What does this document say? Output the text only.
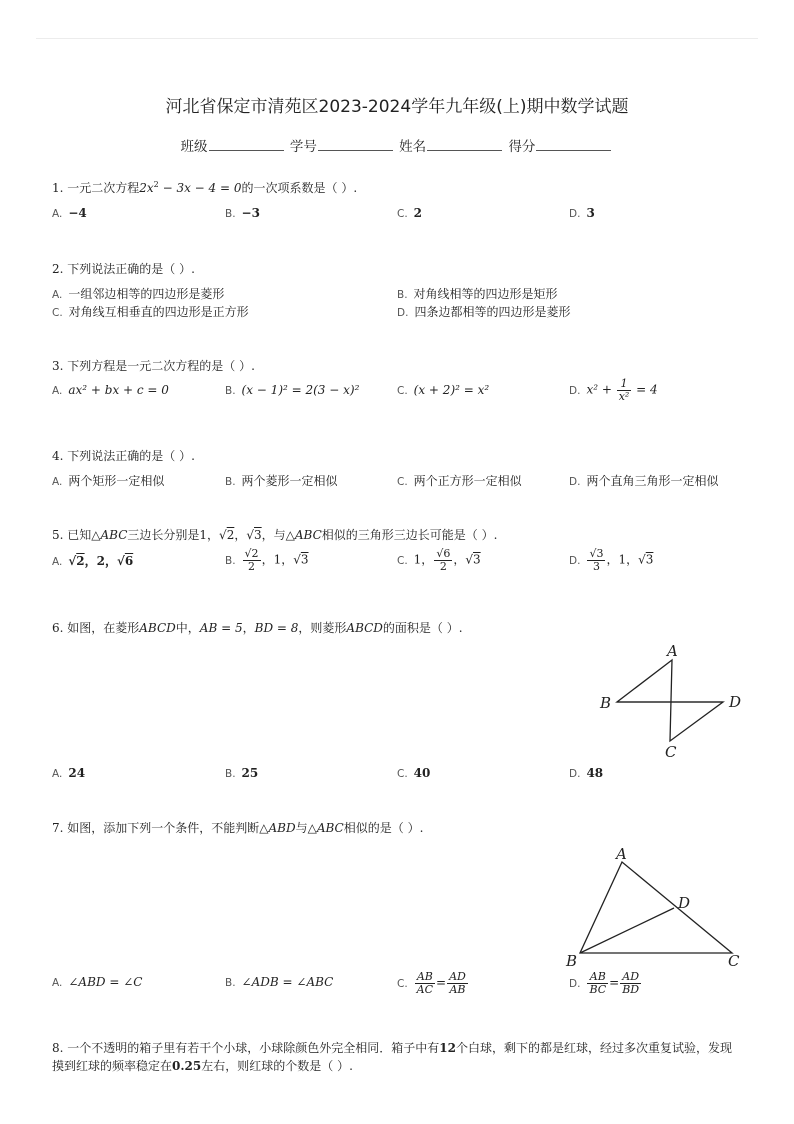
河北省保定市清苑区2023-2024学年九年级(上)期中数学试题
班级	学号	姓名	得分
1. 一元二次方程$2x^2 - 3x - 4 = 0$的一次项系数是（ ）.
A. −4	B. −3	C. 2	D. 3
2. 下列说法正确的是（ ）.
A. 一组邻边相等的四边形是菱形	B. 对角线相等的四边形是矩形
C. 对角线互相垂直的四边形是正方形	D. 四条边都相等的四边形是菱形
3. 下列方程是一元二次方程的是（ ）.
A. ax² + bx + c = 0	B. (x − 1)² = 2(3 − x)²	C. (x + 2)² = x²	D. $x^2 + \frac{1}{\text{x²}} = 4$
4. 下列说法正确的是（ ）.
A. 两个矩形一定相似	B. 两个菱形一定相似	C. 两个正方形一定相似	D. 两个直角三角形一定相似
5. 已知△ABC三边长分别是1，√2，√3，与△ABC相似的三角形三边长可能是（ ）.
A. √2，2，√6	B. $\frac{√2}{2}$ ，1，√3	C. 1， $\frac{√6}{2}$ ，√3	D. $\frac{√3}{3}$ ，1，√3
6. 如图，在菱形ABCD中，AB = 5，BD = 8，则菱形ABCD的面积是（ ）.
A
B	D
C
A. 24	B. 25	C. 40	D. 48
7. 如图，添加下列一个条件，不能判断△ABD与△ABC相似的是（ ）.
A
D
B	C
A. ∠ABD = ∠C	B. ∠ADB = ∠ABC	C. $\frac{AB}{AC} = \frac{AD}{AB}$	D. $\frac{AB}{BC} = \frac{AD}{BD}$
8. 一个不透明的箱子里有若干个小球，小球除颜色外完全相同．箱子中有12个白球，剩下的都是红球，经过多次重复试验，发现
摸到红球的频率稳定在0.25左右，则红球的个数是（ ）.
